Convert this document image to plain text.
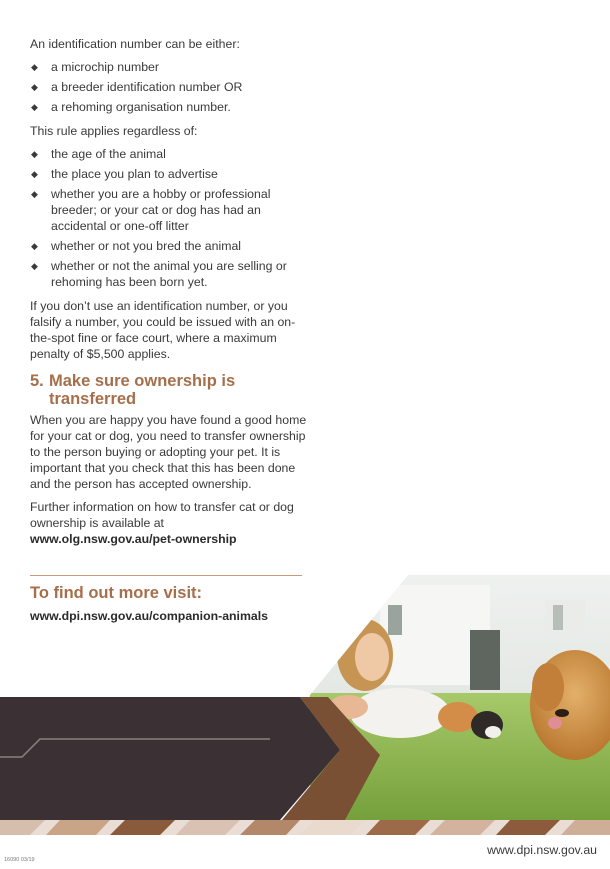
An identification number can be either:

◆ a microchip number
◆ a breeder identification number OR
◆ a rehoming organisation number.

This rule applies regardless of:

◆ the age of the animal
◆ the place you plan to advertise
◆ whether you are a hobby or professional breeder; or your cat or dog has had an accidental or one-off litter
◆ whether or not you bred the animal
◆ whether or not the animal you are selling or rehoming has been born yet.

If you don’t use an identification number, or you falsify a number, you could be issued with an on-the-spot fine or face court, where a maximum penalty of $5,500 applies.

5. Make sure ownership is
transferred

When you are happy you have found a good home for your cat or dog, you need to transfer ownership to the person buying or adopting your pet. It is important that you check that this has been done and the person has accepted ownership.

Further information on how to transfer cat or dog ownership is available at www.olg.nsw.gov.au/pet-ownership

To find out more visit:
www.dpi.nsw.gov.au/companion-animals
www.dpi.nsw.gov.au
16090 03/19
